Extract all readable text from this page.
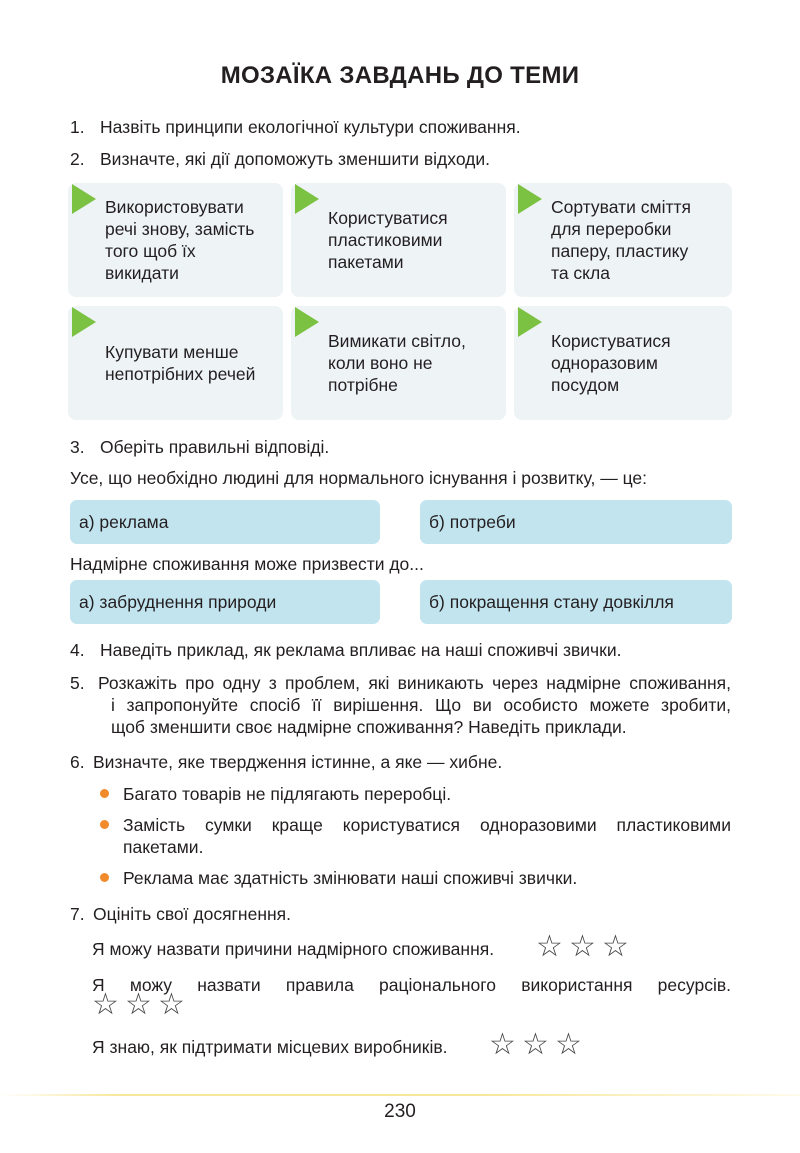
МОЗАЇКА ЗАВДАНЬ ДО ТЕМИ
1. Назвіть принципи екологічної культури споживання.
2. Визначте, які дії допоможуть зменшити відходи.
Використовувати
речі знову, замість
того щоб їх
викидати
Користуватися
пластиковими
пакетами
Сортувати сміття
для переробки
паперу, пластику
та скла
Купувати менше
непотрібних речей
Вимикати світло,
коли воно не
потрібне
Користуватися
одноразовим
посудом
3. Оберіть правильні відповіді.
Усе, що необхідно людині для нормального існування і розвитку, — це:
а) реклама	б) потреби
Надмірне споживання може призвести до...
а) забруднення природи	б) покращення стану довкілля
4. Наведіть приклад, як реклама впливає на наші споживчі звички.
5. Розкажіть про одну з проблем, які виникають через надмірне споживання,
і запропонуйте спосіб її вирішення. Що ви особисто можете зробити,
щоб зменшити своє надмірне споживання? Наведіть приклади.
6. Визначте, яке твердження істинне, а яке — хибне.
Багато товарів не підлягають переробці.
Замість сумки краще користуватися одноразовими пластиковими
пакетами.
Реклама має здатність змінювати наші споживчі звички.
7. Оцініть свої досягнення.
Я можу назвати причини надмірного споживання. ☆ ☆ ☆
Я можу назвати правила раціонального використання ресурсів.
☆ ☆ ☆
Я знаю, як підтримати місцевих виробників. ☆ ☆ ☆
230
